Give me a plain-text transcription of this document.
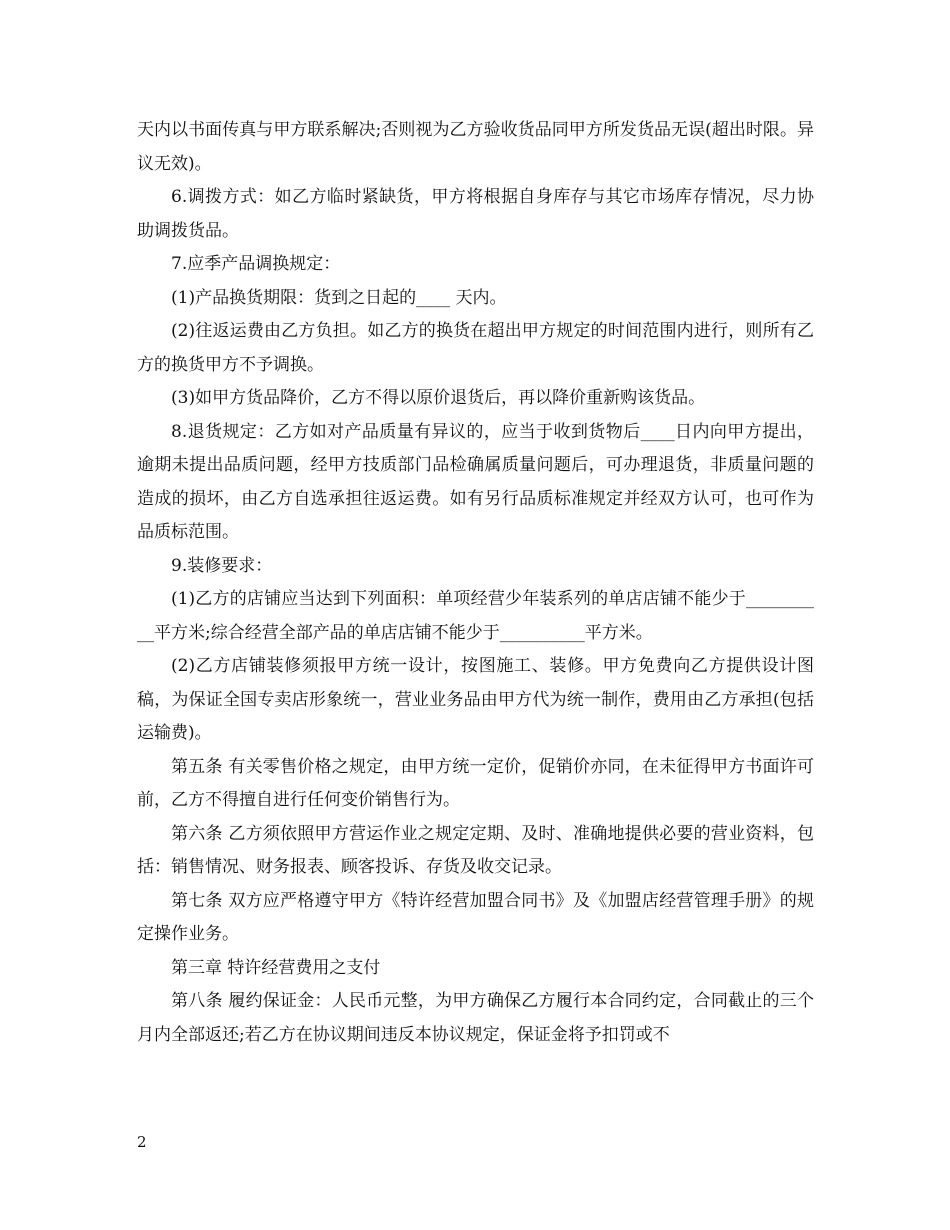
天内以书面传真与甲方联系解决;否则视为乙方验收货品同甲方所发货品无误(超出时限。异议无效)。

6.调拨方式：如乙方临时紧缺货，甲方将根据自身库存与其它市场库存情况，尽力协助调拨货品。

7.应季产品调换规定：

(1)产品换货期限：货到之日起的____ 天内。

(2)往返运费由乙方负担。如乙方的换货在超出甲方规定的时间范围内进行，则所有乙方的换货甲方不予调换。

(3)如甲方货品降价，乙方不得以原价退货后，再以降价重新购该货品。

8.退货规定：乙方如对产品质量有异议的，应当于收到货物后____日内向甲方提出，逾期未提出品质问题，经甲方技质部门品检确属质量问题后，可办理退货，非质量问题的造成的损坏，由乙方自选承担往返运费。如有另行品质标准规定并经双方认可，也可作为品质标范围。

9.装修要求：

(1)乙方的店铺应当达到下列面积：单项经营少年装系列的单店店铺不能少于__________平方米;综合经营全部产品的单店店铺不能少于__________平方米。

(2)乙方店铺装修须报甲方统一设计，按图施工、装修。甲方免费向乙方提供设计图稿，为保证全国专卖店形象统一，营业业务品由甲方代为统一制作，费用由乙方承担(包括运输费)。

第五条 有关零售价格之规定，由甲方统一定价，促销价亦同，在未征得甲方书面许可前，乙方不得擅自进行任何变价销售行为。

第六条 乙方须依照甲方营运作业之规定定期、及时、准确地提供必要的营业资料，包括：销售情况、财务报表、顾客投诉、存货及收交记录。

第七条 双方应严格遵守甲方《特许经营加盟合同书》及《加盟店经营管理手册》的规定操作业务。

第三章 特许经营费用之支付

第八条 履约保证金：人民币元整，为甲方确保乙方履行本合同约定，合同截止的三个月内全部返还;若乙方在协议期间违反本协议规定，保证金将予扣罚或不

2
